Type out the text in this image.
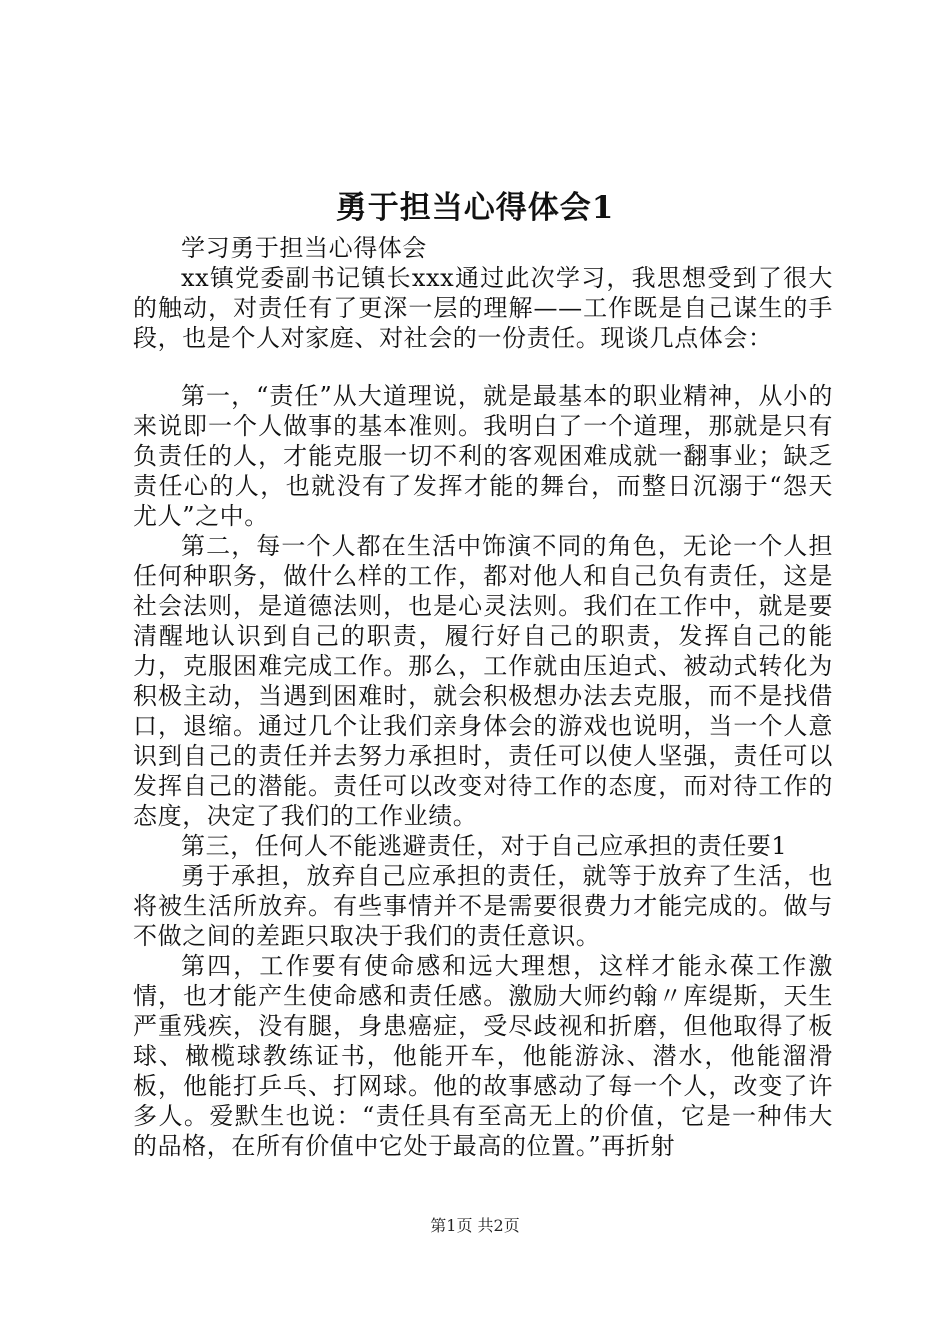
勇于担当心得体会1

学习勇于担当心得体会

xx镇党委副书记镇长xxx通过此次学习，我思想受到了很大的触动，对责任有了更深一层的理解——工作既是自己谋生的手段，也是个人对家庭、对社会的一份责任。现谈几点体会：

第一，“责任”从大道理说，就是最基本的职业精神，从小的来说即一个人做事的基本准则。我明白了一个道理，那就是只有负责任的人，才能克服一切不利的客观困难成就一翻事业；缺乏责任心的人，也就没有了发挥才能的舞台，而整日沉溺于“怨天尤人”之中。

第二，每一个人都在生活中饰演不同的角色，无论一个人担任何种职务，做什么样的工作，都对他人和自己负有责任，这是社会法则，是道德法则，也是心灵法则。我们在工作中，就是要清醒地认识到自己的职责，履行好自己的职责，发挥自己的能力，克服困难完成工作。那么，工作就由压迫式、被动式转化为积极主动，当遇到困难时，就会积极想办法去克服，而不是找借口，退缩。通过几个让我们亲身体会的游戏也说明，当一个人意识到自己的责任并去努力承担时，责任可以使人坚强，责任可以发挥自己的潜能。责任可以改变对待工作的态度，而对待工作的态度，决定了我们的工作业绩。

第三，任何人不能逃避责任，对于自己应承担的责任要1

勇于承担，放弃自己应承担的责任，就等于放弃了生活，也将被生活所放弃。有些事情并不是需要很费力才能完成的。做与不做之间的差距只取决于我们的责任意识。

第四，工作要有使命感和远大理想，这样才能永葆工作激情，也才能产生使命感和责任感。激励大师约翰〃库缇斯，天生严重残疾，没有腿，身患癌症，受尽歧视和折磨，但他取得了板球、橄榄球教练证书，他能开车，他能游泳、潜水，他能溜滑板，他能打乒乓、打网球。他的故事感动了每一个人，改变了许多人。爱默生也说：“责任具有至高无上的价值，它是一种伟大的品格，在所有价值中它处于最高的位置。”再折射

第1页 共2页
